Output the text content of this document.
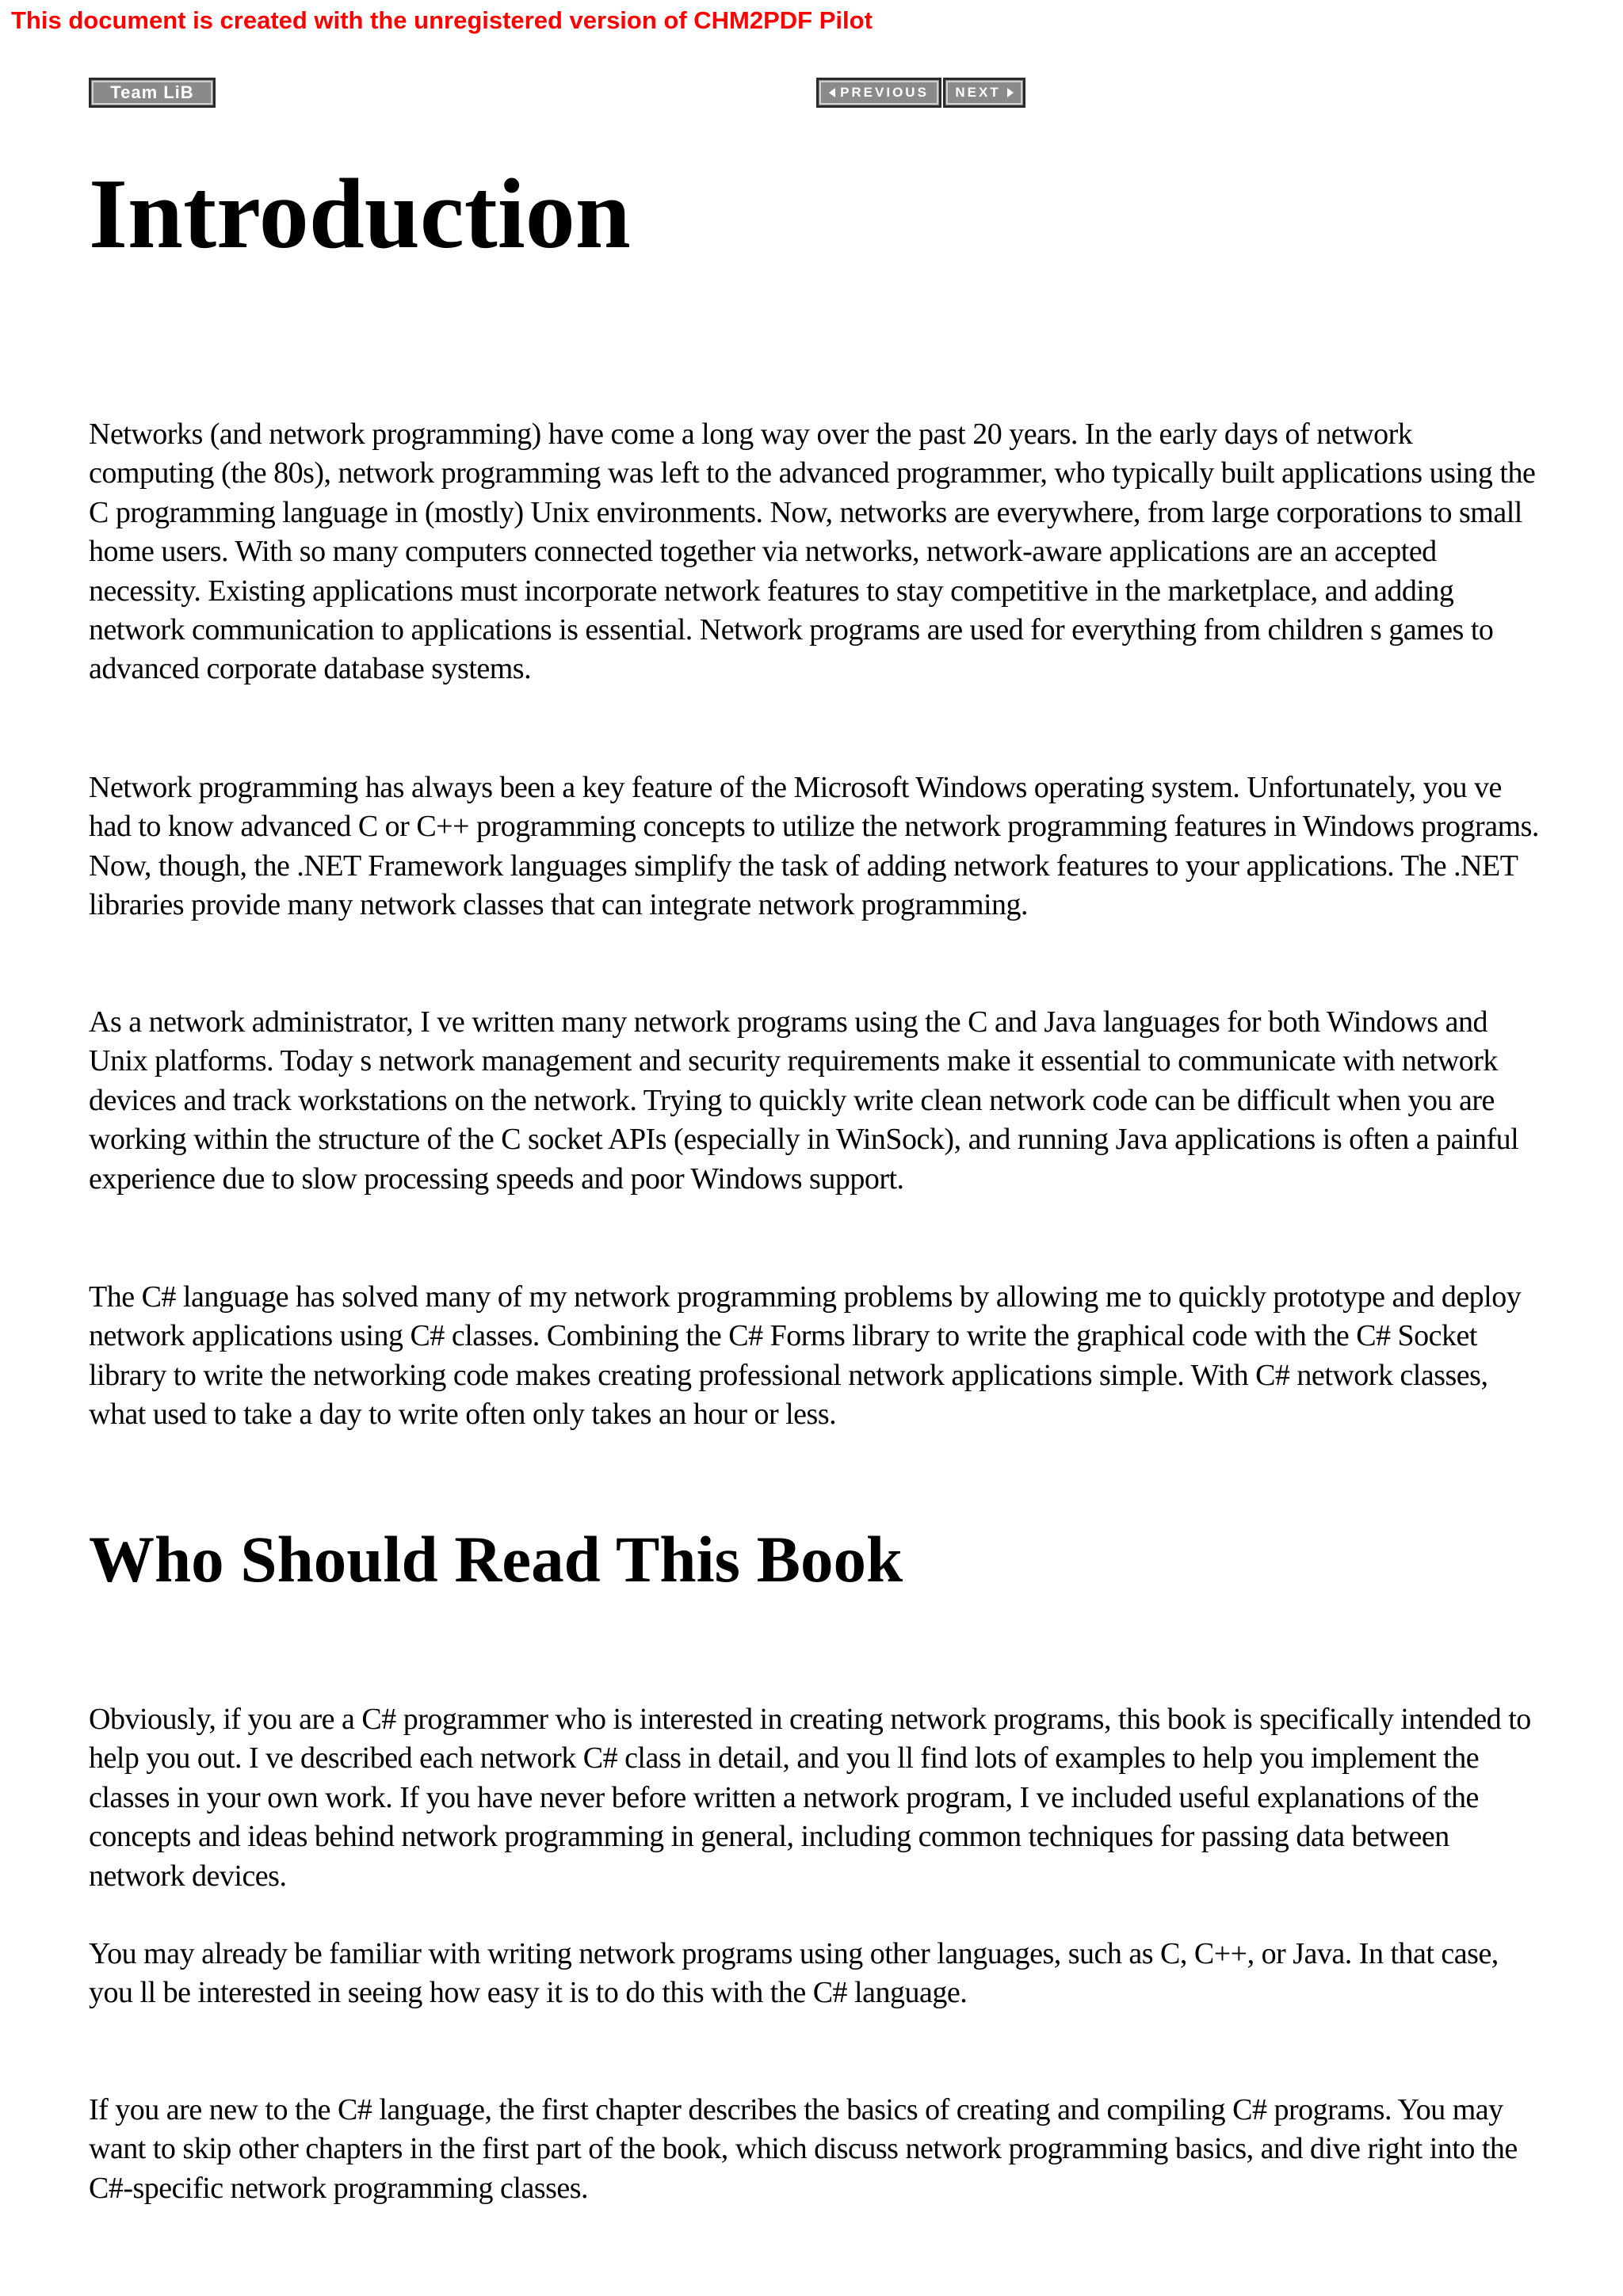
This document is created with the unregistered version of CHM2PDF Pilot
Team LiB	PREVIOUS NEXT
Introduction

Networks (and network programming) have come a long way over the past 20 years. In the early days of network computing (the 80s), network programming was left to the advanced programmer, who typically built applications using the C programming language in (mostly) Unix environments. Now, networks are everywhere, from large corporations to small home users. With so many computers connected together via networks, network-aware applications are an accepted necessity. Existing applications must incorporate network features to stay competitive in the marketplace, and adding network communication to applications is essential. Network programs are used for everything from children s games to advanced corporate database systems.

Network programming has always been a key feature of the Microsoft Windows operating system. Unfortunately, you ve had to know advanced C or C++ programming concepts to utilize the network programming features in Windows programs. Now, though, the .NET Framework languages simplify the task of adding network features to your applications. The .NET libraries provide many network classes that can integrate network programming.

As a network administrator, I ve written many network programs using the C and Java languages for both Windows and Unix platforms. Today s network management and security requirements make it essential to communicate with network devices and track workstations on the network. Trying to quickly write clean network code can be difficult when you are working within the structure of the C socket APIs (especially in WinSock), and running Java applications is often a painful experience due to slow processing speeds and poor Windows support.

The C# language has solved many of my network programming problems by allowing me to quickly prototype and deploy network applications using C# classes. Combining the C# Forms library to write the graphical code with the C# Socket library to write the networking code makes creating professional network applications simple. With C# network classes, what used to take a day to write often only takes an hour or less.

Who Should Read This Book

Obviously, if you are a C# programmer who is interested in creating network programs, this book is specifically intended to help you out. I ve described each network C# class in detail, and you ll find lots of examples to help you implement the classes in your own work. If you have never before written a network program, I ve included useful explanations of the concepts and ideas behind network programming in general, including common techniques for passing data between network devices.

You may already be familiar with writing network programs using other languages, such as C, C++, or Java. In that case, you ll be interested in seeing how easy it is to do this with the C# language.

If you are new to the C# language, the first chapter describes the basics of creating and compiling C# programs. You may want to skip other chapters in the first part of the book, which discuss network programming basics, and dive right into the C#-specific network programming classes.
